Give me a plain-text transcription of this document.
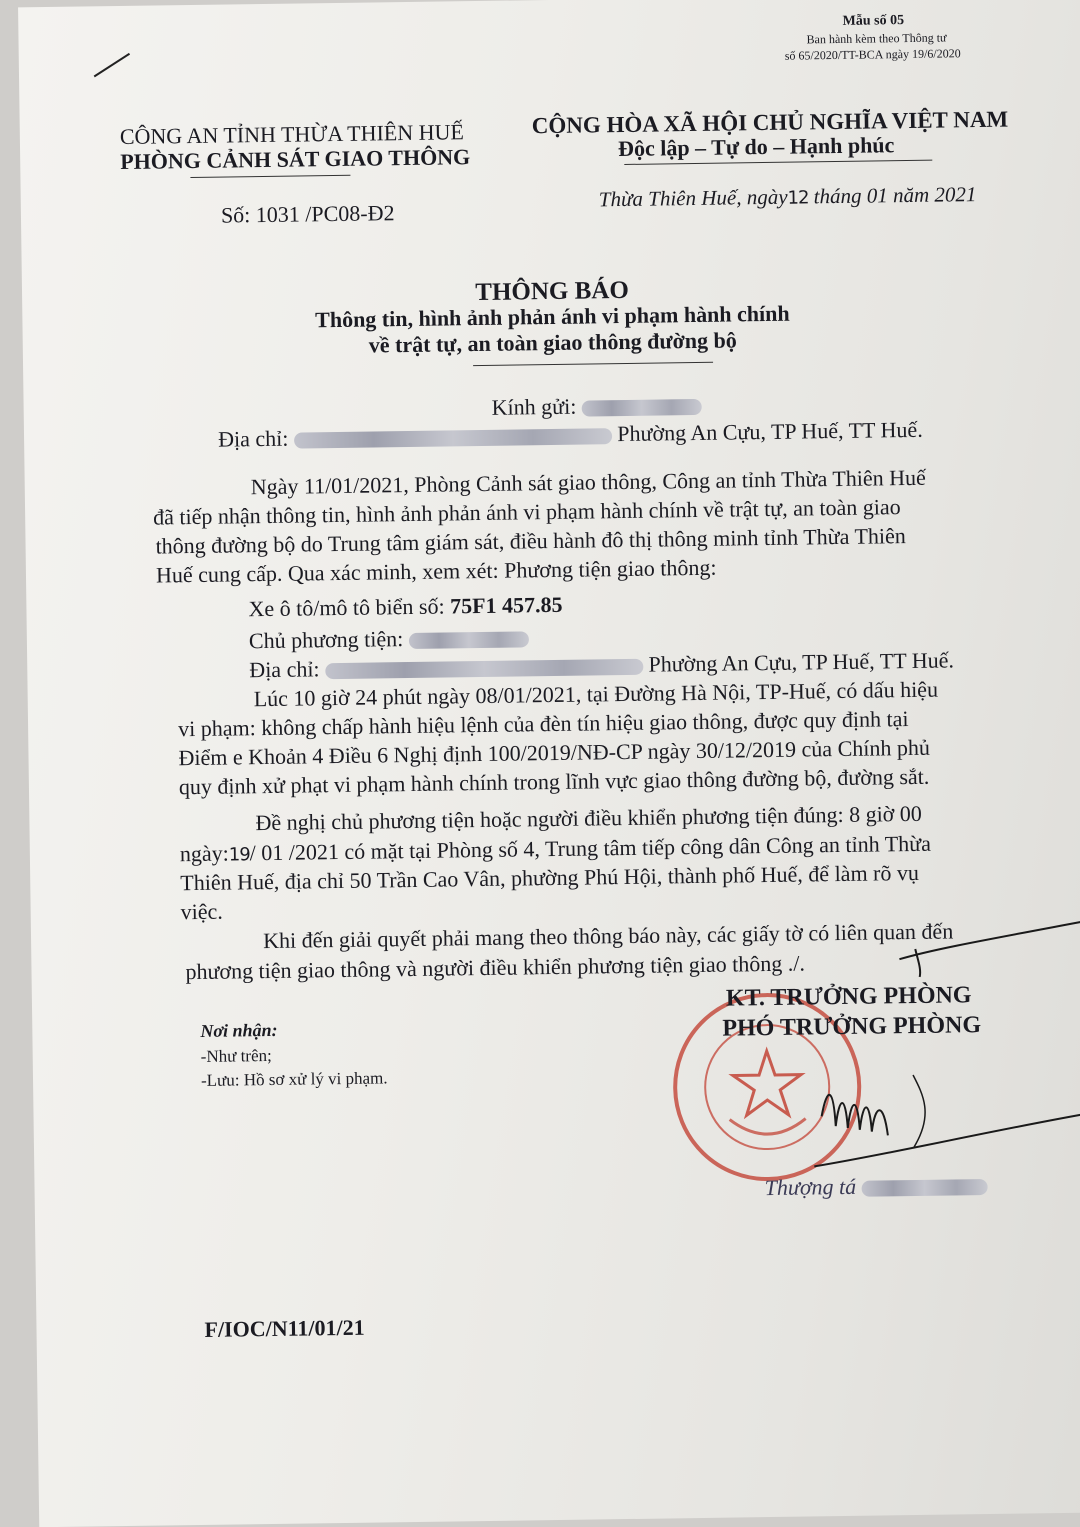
Mẫu số 05
Ban hành kèm theo Thông tư
số 65/2020/TT-BCA ngày 19/6/2020
CÔNG AN TỈNH THỪA THIÊN HUẾ
PHÒNG CẢNH SÁT GIAO THÔNG
CỘNG HÒA XÃ HỘI CHỦ NGHĨA VIỆT NAM
Độc lập – Tự do – Hạnh phúc
Số: 1031 /PC08-Đ2
Thừa Thiên Huế, ngày12 tháng 01 năm 2021
THÔNG BÁO
Thông tin, hình ảnh phản ánh vi phạm hành chính
về trật tự, an toàn giao thông đường bộ
Kính gửi:
Địa chỉ:	Phường An Cựu, TP Huế, TT Huế.
Ngày 11/01/2021, Phòng Cảnh sát giao thông, Công an tỉnh Thừa Thiên Huế
đã tiếp nhận thông tin, hình ảnh phản ánh vi phạm hành chính về trật tự, an toàn giao
thông đường bộ do Trung tâm giám sát, điều hành đô thị thông minh tỉnh Thừa Thiên
Huế cung cấp. Qua xác minh, xem xét: Phương tiện giao thông:
Xe ô tô/mô tô biển số: 75F1 457.85
Chủ phương tiện:
Địa chỉ:	Phường An Cựu, TP Huế, TT Huế.
Lúc 10 giờ 24 phút ngày 08/01/2021, tại Đường Hà Nội, TP-Huế, có dấu hiệu
vi phạm: không chấp hành hiệu lệnh của đèn tín hiệu giao thông, được quy định tại
Điểm e Khoản 4 Điều 6 Nghị định 100/2019/NĐ-CP ngày 30/12/2019 của Chính phủ
quy định xử phạt vi phạm hành chính trong lĩnh vực giao thông đường bộ, đường sắt.
Đề nghị chủ phương tiện hoặc người điều khiển phương tiện đúng: 8 giờ 00
ngày:19/ 01 /2021 có mặt tại Phòng số 4, Trung tâm tiếp công dân Công an tỉnh Thừa
Thiên Huế, địa chỉ 50 Trần Cao Vân, phường Phú Hội, thành phố Huế, để làm rõ vụ
việc.
Khi đến giải quyết phải mang theo thông báo này, các giấy tờ có liên quan đến
phương tiện giao thông và người điều khiển phương tiện giao thông ./.
Nơi nhận:
-Như trên;
-Lưu: Hồ sơ xử lý vi phạm.
KT. TRƯỞNG PHÒNG
PHÓ TRƯỞNG PHÒNG
Thượng tá
F/IOC/N11/01/21
